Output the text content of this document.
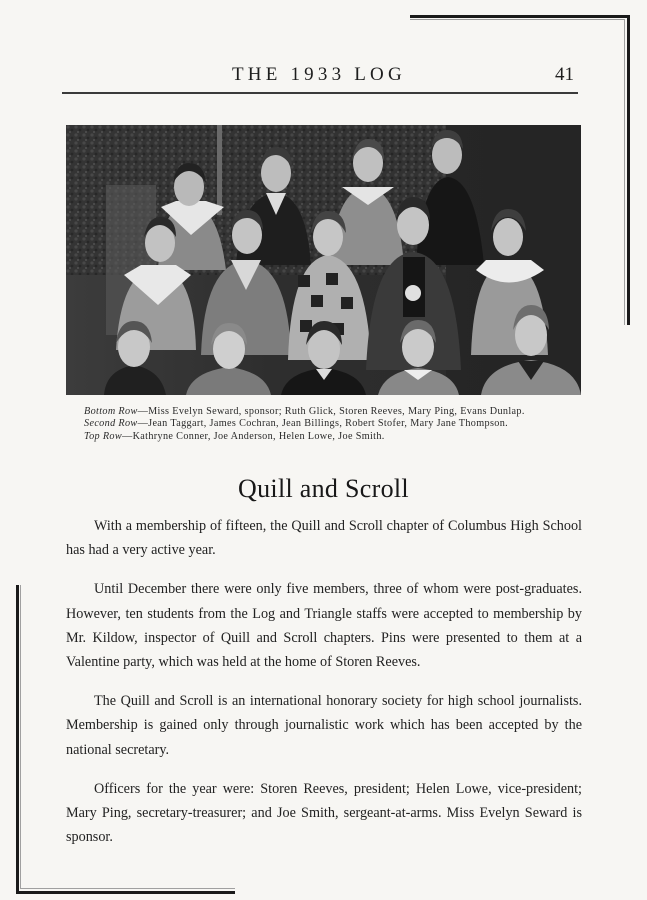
THE 1933 LOG	41
Bottom Row—Miss Evelyn Seward, sponsor; Ruth Glick, Storen Reeves, Mary Ping, Evans Dunlap.
Second Row—Jean Taggart, James Cochran, Jean Billings, Robert Stofer, Mary Jane Thompson.
Top Row—Kathryne Conner, Joe Anderson, Helen Lowe, Joe Smith.
Quill and Scroll

With a membership of fifteen, the Quill and Scroll chapter of Columbus High School has had a very active year.

Until December there were only five members, three of whom were post-graduates. However, ten students from the Log and Triangle staffs were accepted to membership by Mr. Kildow, inspector of Quill and Scroll chapters. Pins were presented to them at a Valentine party, which was held at the home of Storen Reeves.

The Quill and Scroll is an international honorary society for high school journalists. Membership is gained only through journalistic work which has been accepted by the national secretary.

Officers for the year were: Storen Reeves, president; Helen Lowe, vice-president; Mary Ping, secretary-treasurer; and Joe Smith, sergeant-at-arms. Miss Evelyn Seward is sponsor.
